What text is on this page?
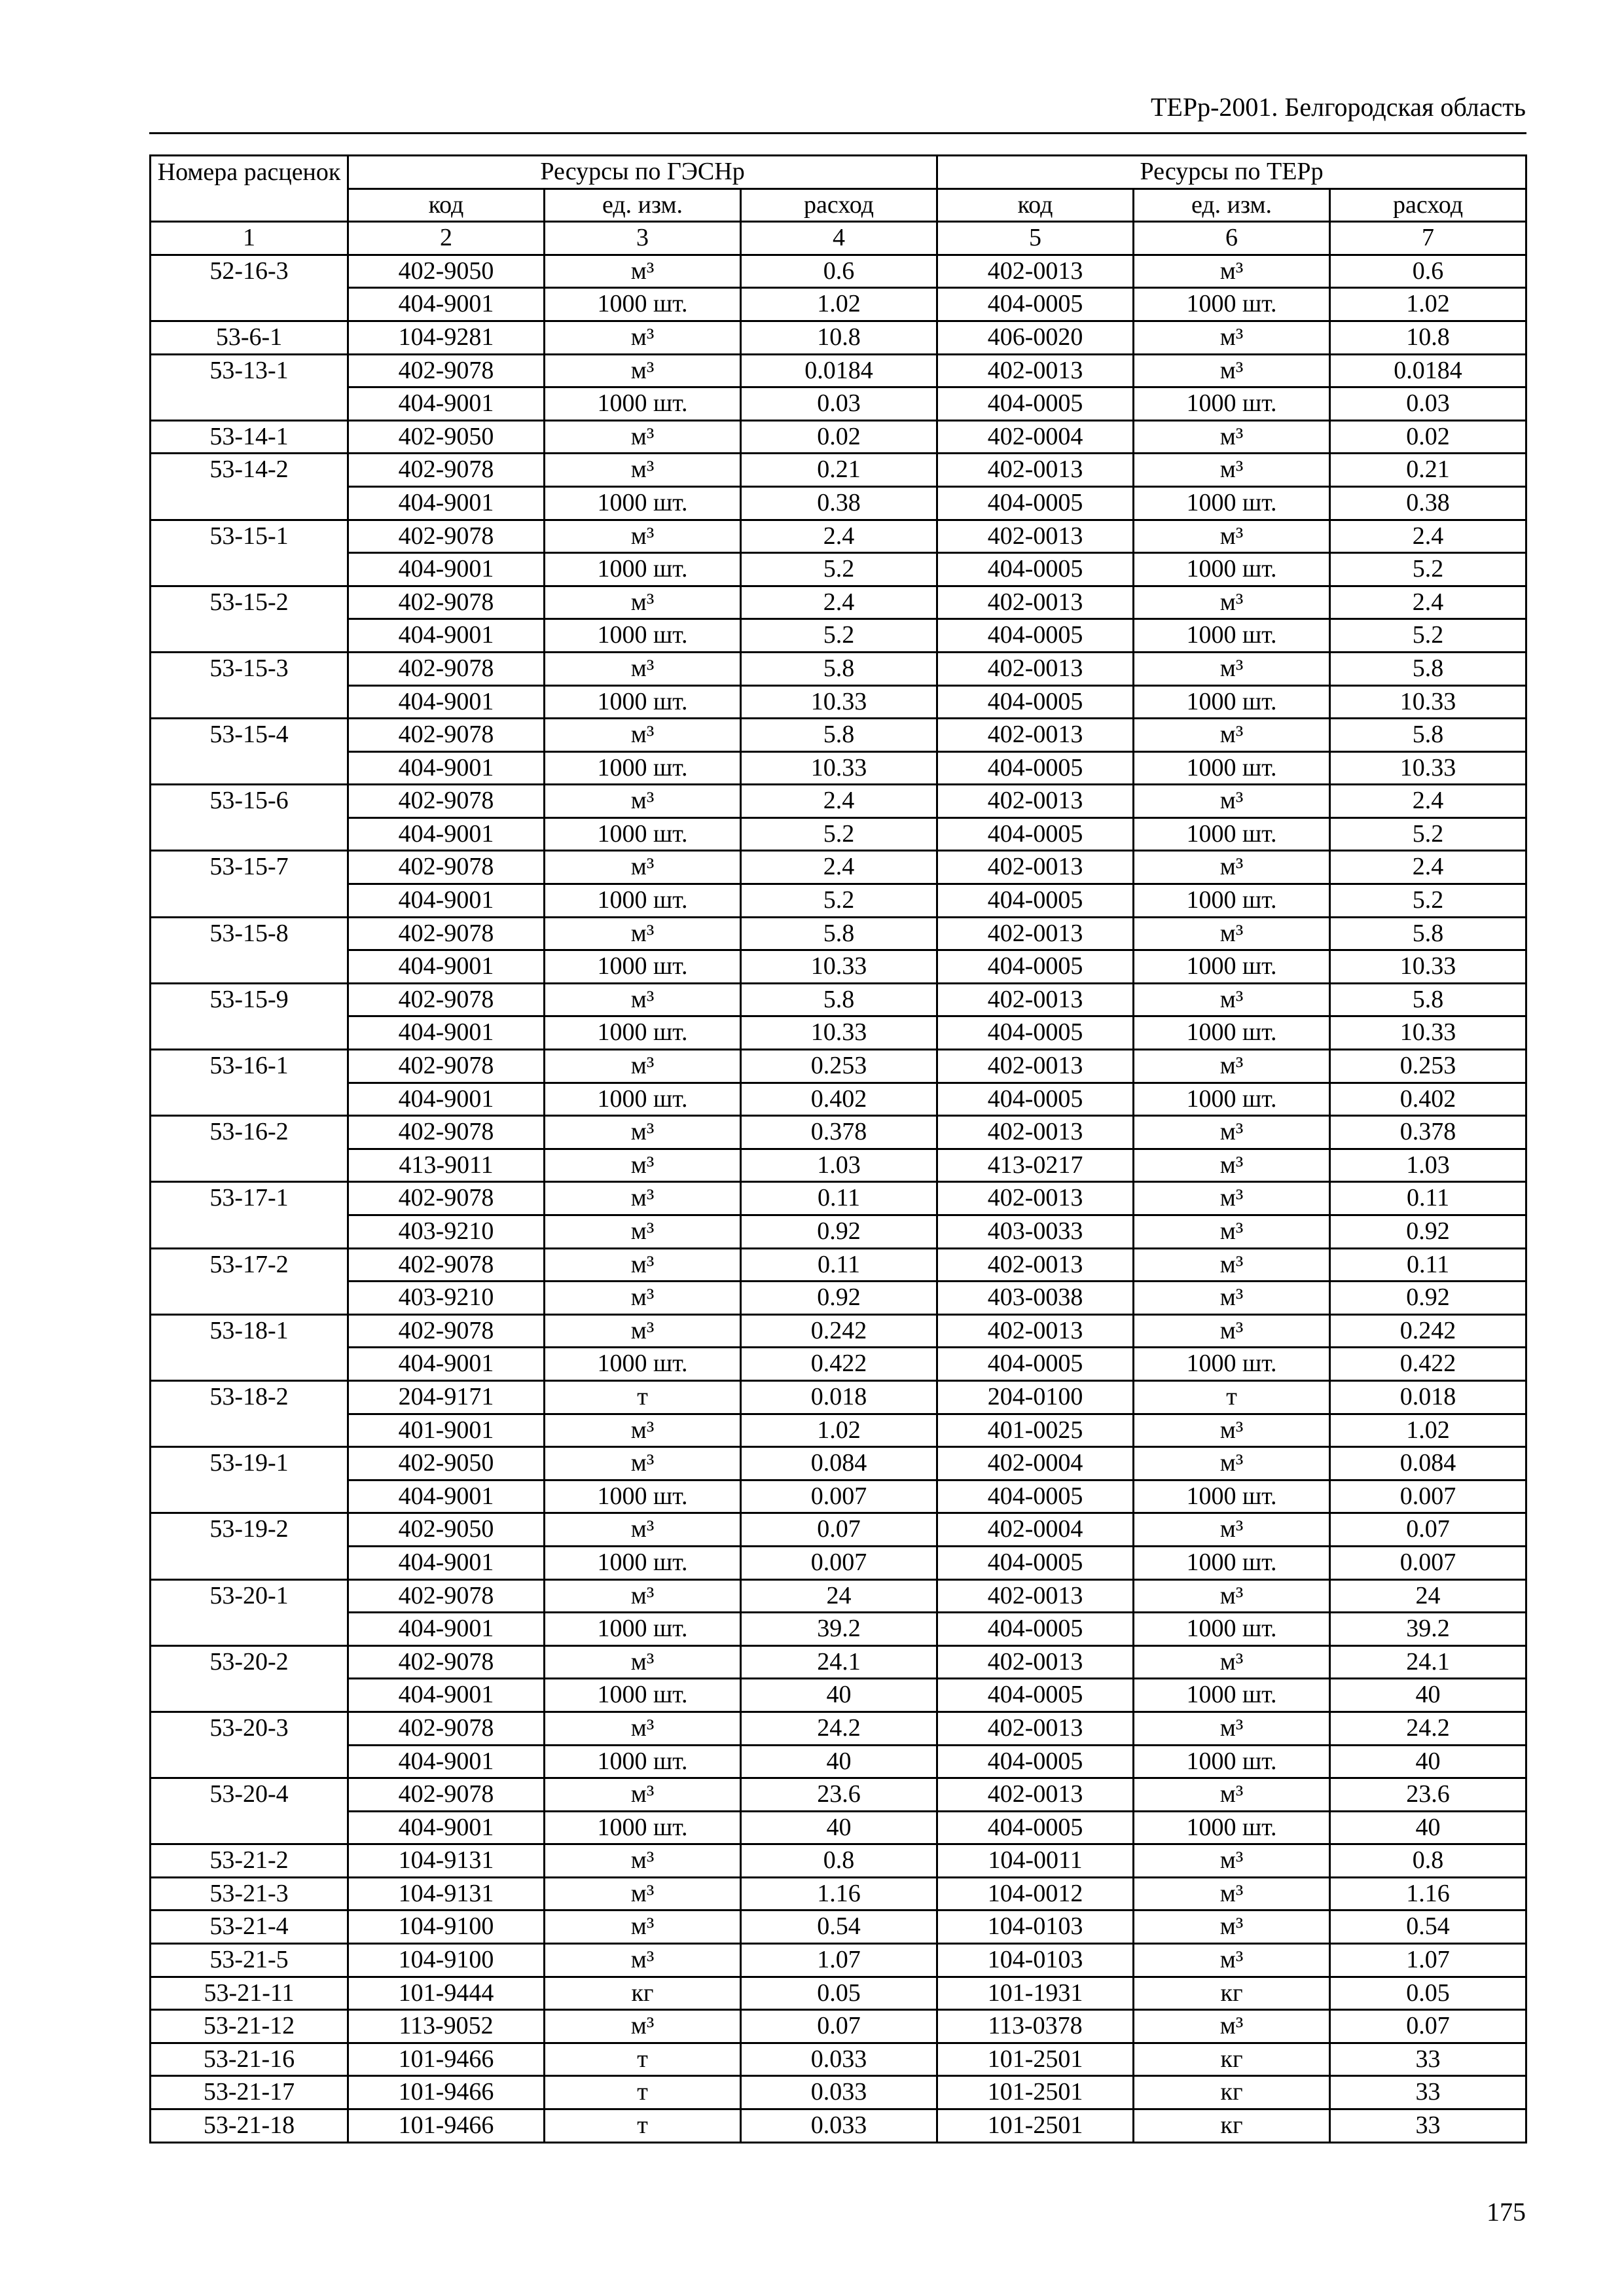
ТЕРр-2001. Белгородская область
Номера расценок	Ресурсы по ГЭСНр			Ресурсы по ТЕРр		
	код	ед. изм.	расход	код	ед. изм.	расход
1	2	3	4	5	6	7
52-16-3	402-9050	м³	0.6	402-0013	м³	0.6
	404-9001	1000 шт.	1.02	404-0005	1000 шт.	1.02
53-6-1	104-9281	м³	10.8	406-0020	м³	10.8
53-13-1	402-9078	м³	0.0184	402-0013	м³	0.0184
	404-9001	1000 шт.	0.03	404-0005	1000 шт.	0.03
53-14-1	402-9050	м³	0.02	402-0004	м³	0.02
53-14-2	402-9078	м³	0.21	402-0013	м³	0.21
	404-9001	1000 шт.	0.38	404-0005	1000 шт.	0.38
53-15-1	402-9078	м³	2.4	402-0013	м³	2.4
	404-9001	1000 шт.	5.2	404-0005	1000 шт.	5.2
53-15-2	402-9078	м³	2.4	402-0013	м³	2.4
	404-9001	1000 шт.	5.2	404-0005	1000 шт.	5.2
53-15-3	402-9078	м³	5.8	402-0013	м³	5.8
	404-9001	1000 шт.	10.33	404-0005	1000 шт.	10.33
53-15-4	402-9078	м³	5.8	402-0013	м³	5.8
	404-9001	1000 шт.	10.33	404-0005	1000 шт.	10.33
53-15-6	402-9078	м³	2.4	402-0013	м³	2.4
	404-9001	1000 шт.	5.2	404-0005	1000 шт.	5.2
53-15-7	402-9078	м³	2.4	402-0013	м³	2.4
	404-9001	1000 шт.	5.2	404-0005	1000 шт.	5.2
53-15-8	402-9078	м³	5.8	402-0013	м³	5.8
	404-9001	1000 шт.	10.33	404-0005	1000 шт.	10.33
53-15-9	402-9078	м³	5.8	402-0013	м³	5.8
	404-9001	1000 шт.	10.33	404-0005	1000 шт.	10.33
53-16-1	402-9078	м³	0.253	402-0013	м³	0.253
	404-9001	1000 шт.	0.402	404-0005	1000 шт.	0.402
53-16-2	402-9078	м³	0.378	402-0013	м³	0.378
	413-9011	м³	1.03	413-0217	м³	1.03
53-17-1	402-9078	м³	0.11	402-0013	м³	0.11
	403-9210	м³	0.92	403-0033	м³	0.92
53-17-2	402-9078	м³	0.11	402-0013	м³	0.11
	403-9210	м³	0.92	403-0038	м³	0.92
53-18-1	402-9078	м³	0.242	402-0013	м³	0.242
	404-9001	1000 шт.	0.422	404-0005	1000 шт.	0.422
53-18-2	204-9171	т	0.018	204-0100	т	0.018
	401-9001	м³	1.02	401-0025	м³	1.02
53-19-1	402-9050	м³	0.084	402-0004	м³	0.084
	404-9001	1000 шт.	0.007	404-0005	1000 шт.	0.007
53-19-2	402-9050	м³	0.07	402-0004	м³	0.07
	404-9001	1000 шт.	0.007	404-0005	1000 шт.	0.007
53-20-1	402-9078	м³	24	402-0013	м³	24
	404-9001	1000 шт.	39.2	404-0005	1000 шт.	39.2
53-20-2	402-9078	м³	24.1	402-0013	м³	24.1
	404-9001	1000 шт.	40	404-0005	1000 шт.	40
53-20-3	402-9078	м³	24.2	402-0013	м³	24.2
	404-9001	1000 шт.	40	404-0005	1000 шт.	40
53-20-4	402-9078	м³	23.6	402-0013	м³	23.6
	404-9001	1000 шт.	40	404-0005	1000 шт.	40
53-21-2	104-9131	м³	0.8	104-0011	м³	0.8
53-21-3	104-9131	м³	1.16	104-0012	м³	1.16
53-21-4	104-9100	м³	0.54	104-0103	м³	0.54
53-21-5	104-9100	м³	1.07	104-0103	м³	1.07
53-21-11	101-9444	кг	0.05	101-1931	кг	0.05
53-21-12	113-9052	м³	0.07	113-0378	м³	0.07
53-21-16	101-9466	т	0.033	101-2501	кг	33
53-21-17	101-9466	т	0.033	101-2501	кг	33
53-21-18	101-9466	т	0.033	101-2501	кг	33
175
